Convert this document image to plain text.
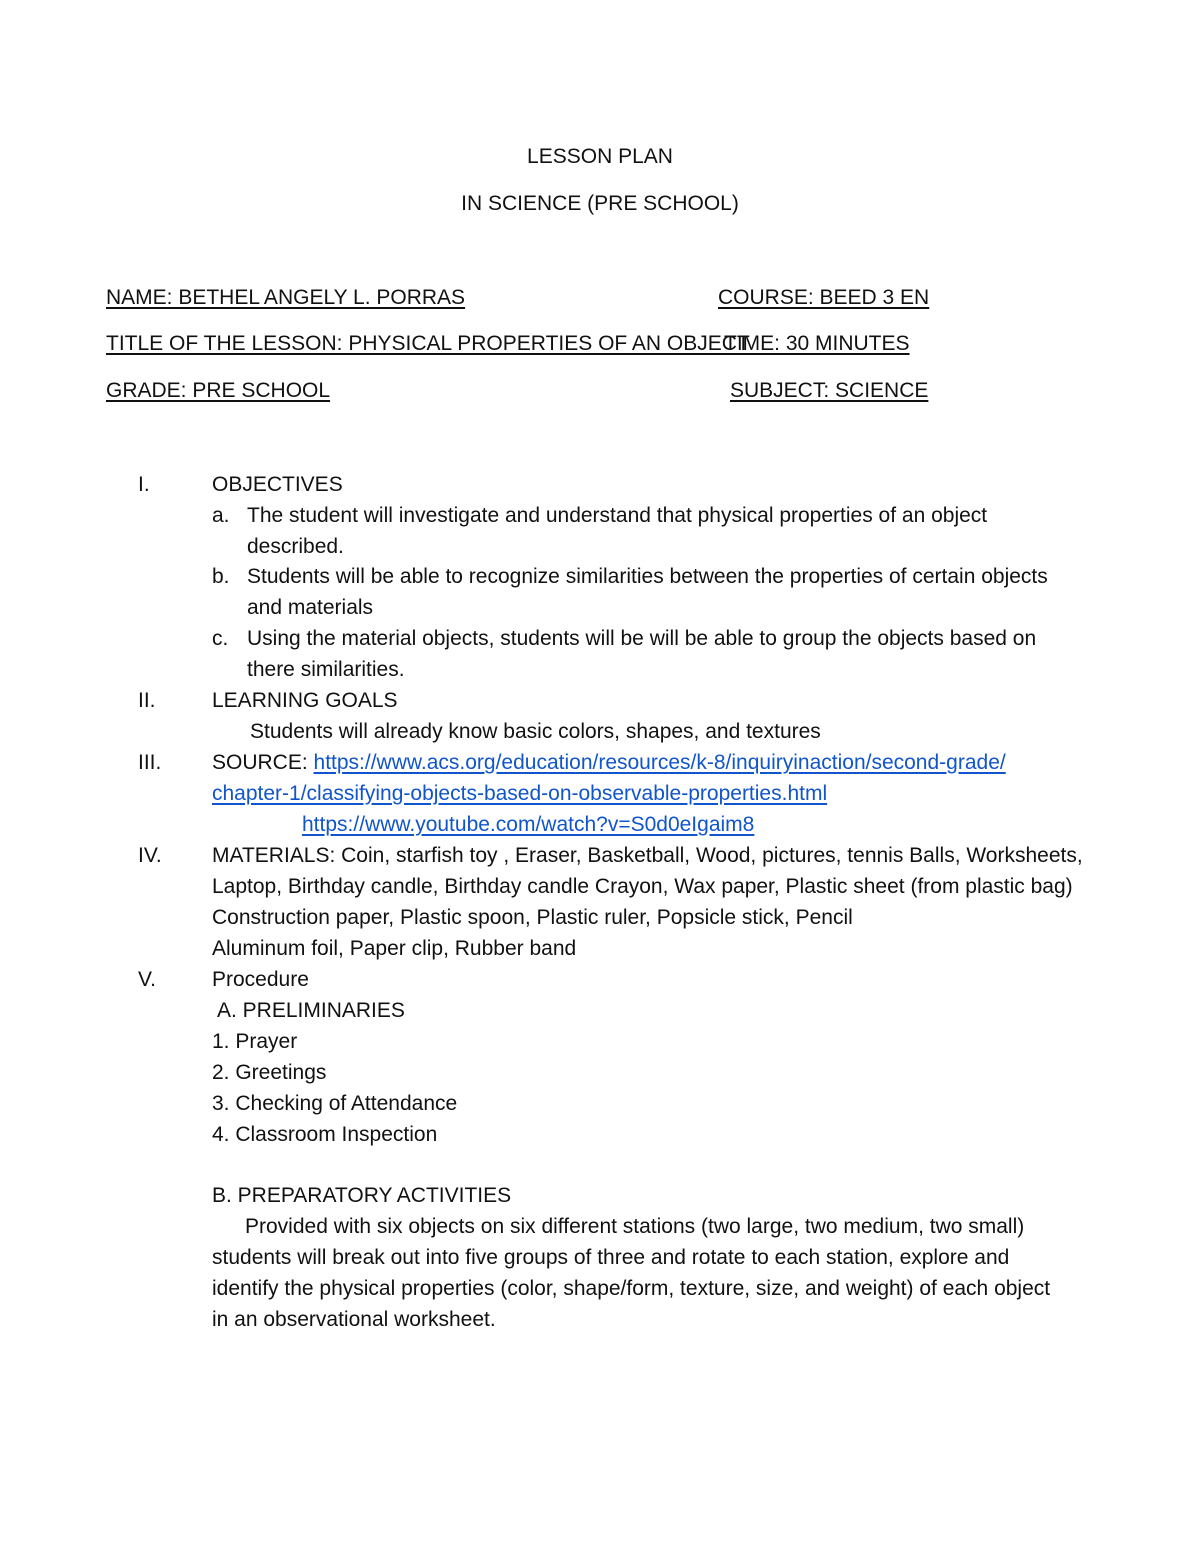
LESSON PLAN
IN SCIENCE (PRE SCHOOL)
NAME: BETHEL ANGELY L. PORRAS	COURSE: BEED 3 EN
TITLE OF THE LESSON: PHYSICAL PROPERTIES OF AN OBJECT
TIME: 30 MINUTES
GRADE: PRE SCHOOL	SUBJECT: SCIENCE
I.	OBJECTIVES
a. The student will investigate and understand that physical properties of an object
described.
b. Students will be able to recognize similarities between the properties of certain objects
and materials
c. Using the material objects, students will be will be able to group the objects based on
there similarities.
II.	LEARNING GOALS
Students will already know basic colors, shapes, and textures
III. SOURCE: https://www.acs.org/education/resources/k-8/inquiryinaction/second-grade/
chapter-1/classifying-objects-based-on-observable-properties.html
https://www.youtube.com/watch?v=S0d0eIgaim8
IV. MATERIALS: Coin, starfish toy , Eraser, Basketball, Wood, pictures, tennis Balls, Worksheets,
Laptop, Birthday candle, Birthday candle Crayon, Wax paper, Plastic sheet (from plastic bag)
Construction paper, Plastic spoon, Plastic ruler, Popsicle stick, Pencil
Aluminum foil, Paper clip, Rubber band
V.	Procedure
A. PRELIMINARIES
1. Prayer
2. Greetings
3. Checking of Attendance
4. Classroom Inspection
B. PREPARATORY ACTIVITIES
Provided with six objects on six different stations (two large, two medium, two small)
students will break out into five groups of three and rotate to each station, explore and
identify the physical properties (color, shape/form, texture, size, and weight) of each object
in an observational worksheet.
